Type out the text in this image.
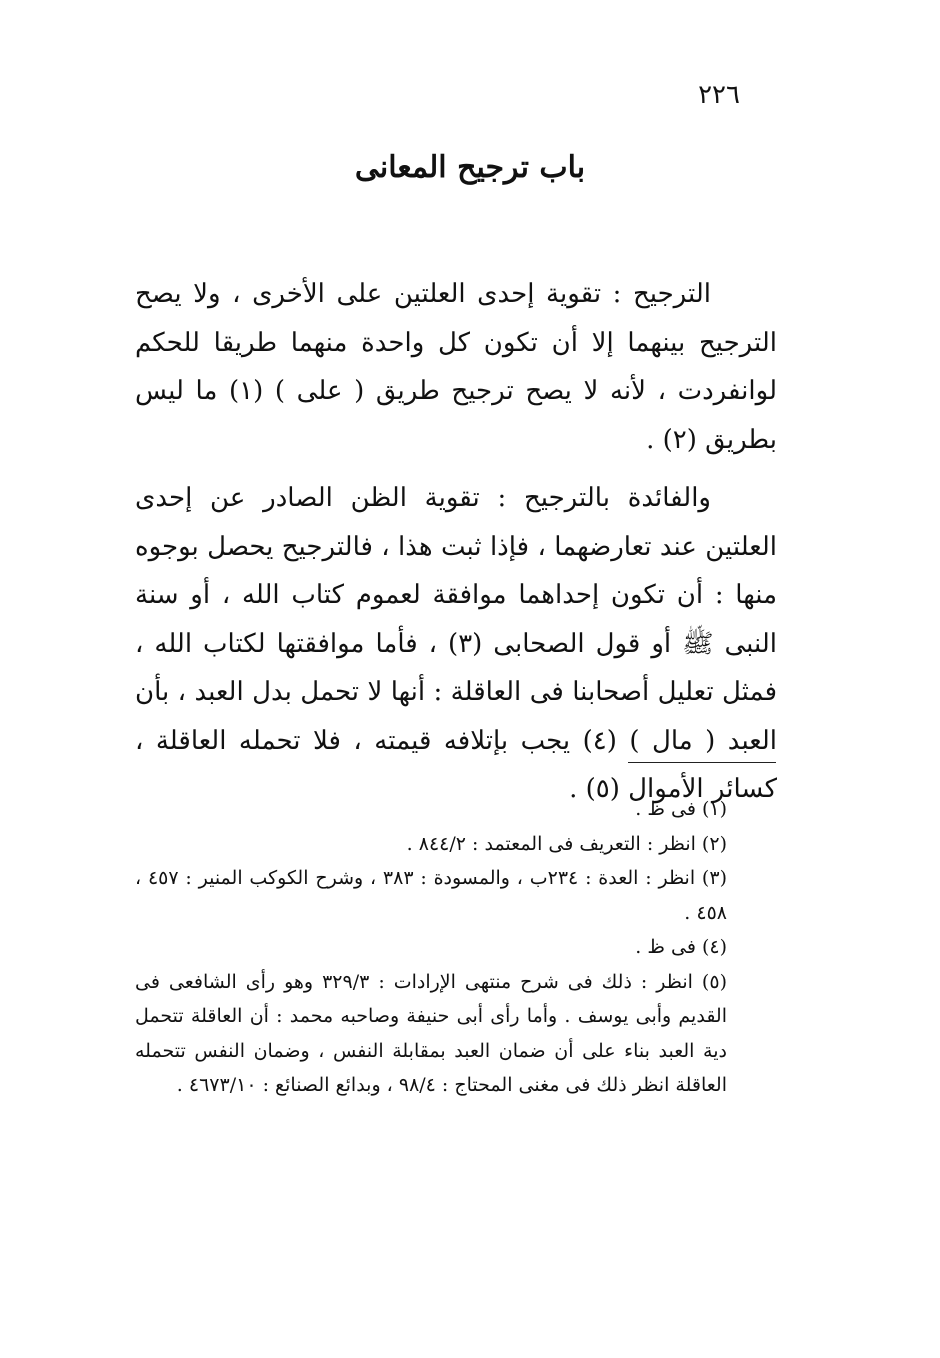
٢٢٦
باب ترجيح المعانى

الترجيح : تقوية إحدى العلتين على الأخرى ، ولا يصح الترجيح بينهما إلا أن تكون كل واحدة منهما طريقا للحكم لوانفردت ، لأنه لا يصح ترجيح طريق ( على ) (١) ما ليس بطريق (٢) .

والفائدة بالترجيح : تقوية الظن الصادر عن إحدى العلتين عند تعارضهما ، فإذا ثبت هذا ، فالترجيح يحصل بوجوه منها : أن تكون إحداهما موافقة لعموم كتاب الله ، أو سنة النبى ﷺ أو قول الصحابى (٣) ، فأما موافقتها لكتاب الله ، فمثل تعليل أصحابنا فى العاقلة : أنها لا تحمل بدل العبد ، بأن العبد ( مال ) (٤) يجب بإتلافه قيمته ، فلا تحمله العاقلة ، كسائر الأموال (٥) .

(١) فى ظ .
(٢) انظر : التعريف فى المعتمد : ٨٤٤/٢ .
(٣) انظر : العدة : ٢٣٤ب ، والمسودة : ٣٨٣ ، وشرح الكوكب المنير : ٤٥٧ ، ٤٥٨ .
(٤) فى ظ .
(٥) انظر : ذلك فى شرح منتهى الإرادات : ٣٢٩/٣ وهو رأى الشافعى فى القديم وأبى يوسف . وأما رأى أبى حنيفة وصاحبه محمد : أن العاقلة تتحمل دية العبد بناء على أن ضمان العبد بمقابلة النفس ، وضمان النفس تتحمله العاقلة انظر ذلك فى مغنى المحتاج : ٩٨/٤ ، وبدائع الصنائع : ٤٦٧٣/١٠ .
